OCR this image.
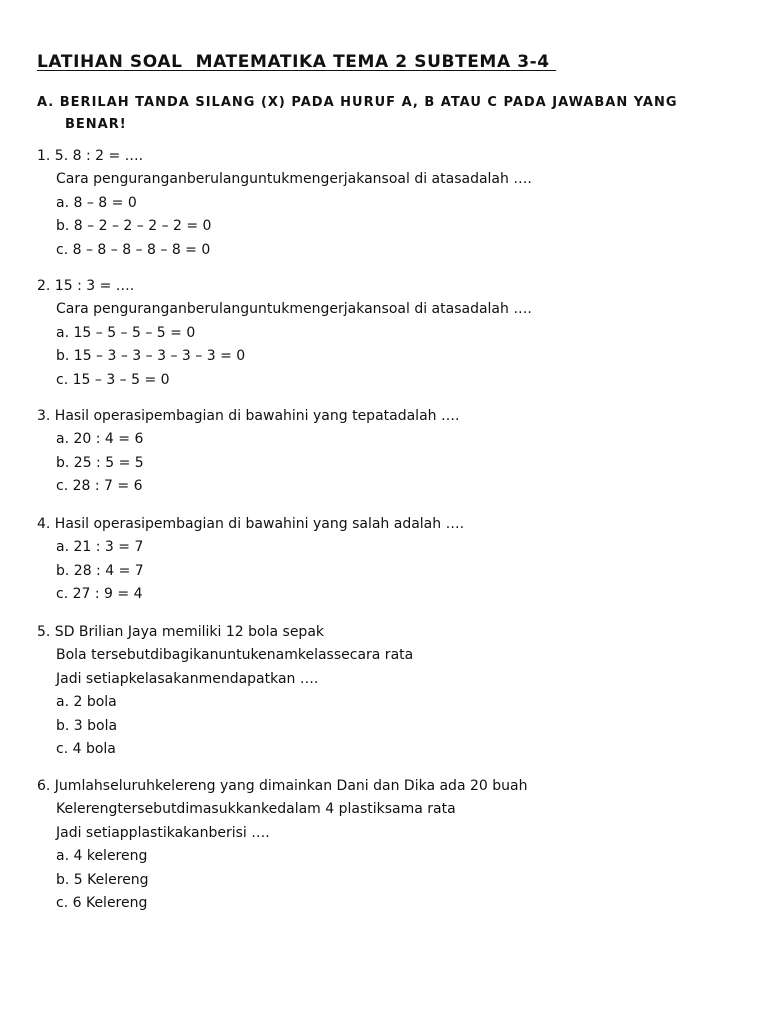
LATIHAN SOAL  MATEMATIKA TEMA 2 SUBTEMA 3-4
A. BERILAH TANDA SILANG (X) PADA HURUF A, B ATAU C PADA JAWABAN YANG
BENAR!
1. 5. 8 : 2 = ….
Cara penguranganberulanguntukmengerjakansoal di atasadalah ….
a. 8 – 8 = 0
b. 8 – 2 – 2 – 2 – 2 = 0
c. 8 – 8 – 8 – 8 – 8 = 0
2. 15 : 3 = ….
Cara penguranganberulanguntukmengerjakansoal di atasadalah ….
a. 15 – 5 – 5 – 5 = 0
b. 15 – 3 – 3 – 3 – 3 – 3 = 0
c. 15 – 3 – 5 = 0
3. Hasil operasipembagian di bawahini yang tepatadalah ….
a. 20 : 4 = 6
b. 25 : 5 = 5
c. 28 : 7 = 6
4. Hasil operasipembagian di bawahini yang salah adalah ….
a. 21 : 3 = 7
b. 28 : 4 = 7
c. 27 : 9 = 4
5. SD Brilian Jaya memiliki 12 bola sepak
Bola tersebutdibagikanuntukenamkelassecara rata
Jadi setiapkelasakanmendapatkan ….
a. 2 bola
b. 3 bola
c. 4 bola
6. Jumlahseluruhkelereng yang dimainkan Dani dan Dika ada 20 buah
Kelerengtersebutdimasukkankedalam 4 plastiksama rata
Jadi setiapplastikakanberisi ….
a. 4 kelereng
b. 5 Kelereng
c. 6 Kelereng
